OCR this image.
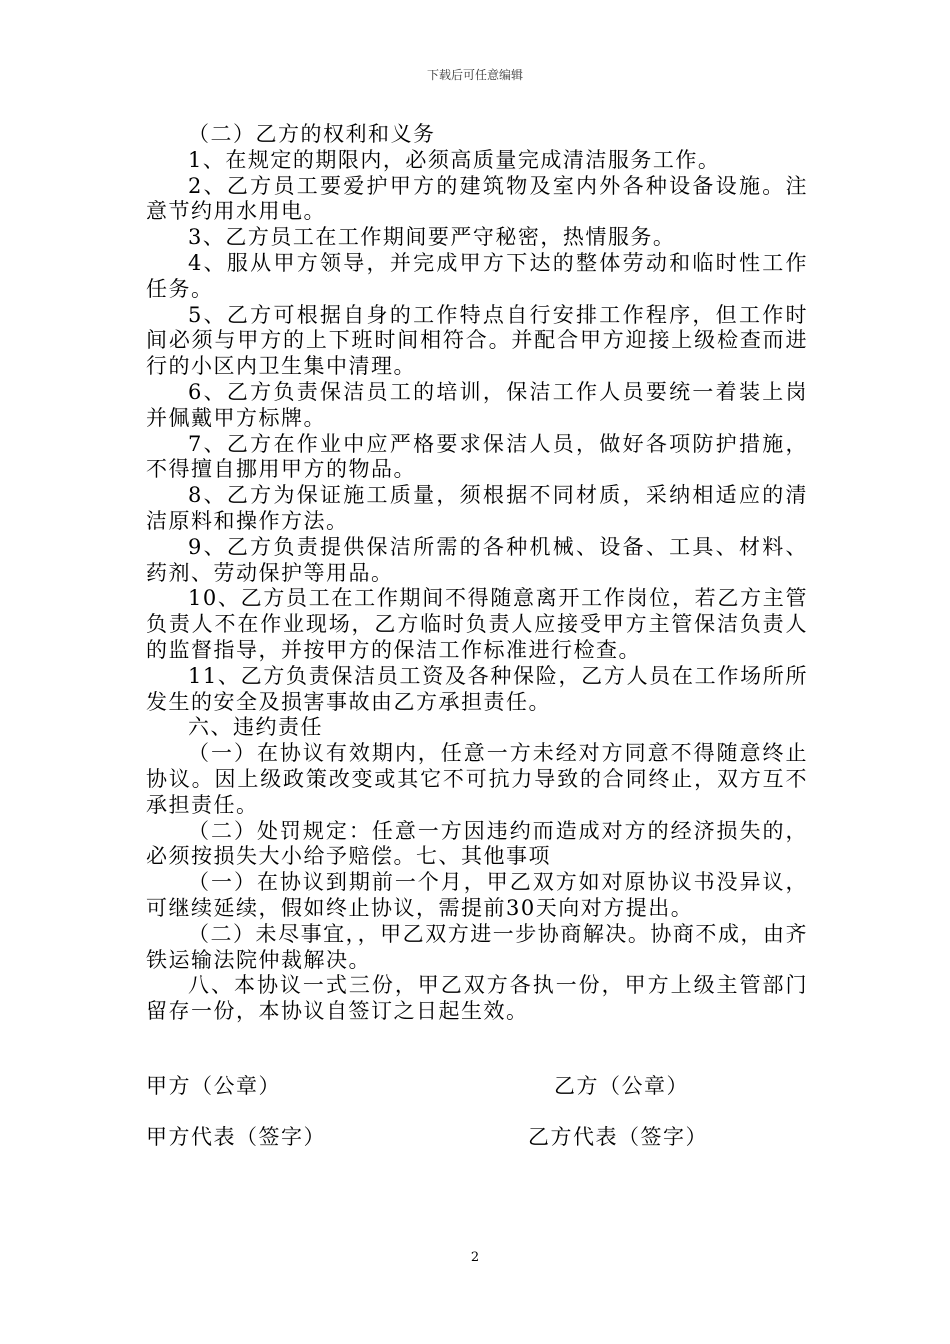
下载后可任意编辑

（二）乙方的权利和义务

1、在规定的期限内，必须高质量完成清洁服务工作。

2、乙方员工要爱护甲方的建筑物及室内外各种设备设施。注意节约用水用电。

3、乙方员工在工作期间要严守秘密，热情服务。

4、服从甲方领导，并完成甲方下达的整体劳动和临时性工作任务。

5、乙方可根据自身的工作特点自行安排工作程序，但工作时间必须与甲方的上下班时间相符合。并配合甲方迎接上级检查而进行的小区内卫生集中清理。

6、乙方负责保洁员工的培训，保洁工作人员要统一着装上岗并佩戴甲方标牌。

7、乙方在作业中应严格要求保洁人员，做好各项防护措施，不得擅自挪用甲方的物品。

8、乙方为保证施工质量，须根据不同材质，采纳相适应的清洁原料和操作方法。

9、乙方负责提供保洁所需的各种机械、设备、工具、材料、药剂、劳动保护等用品。

10、乙方员工在工作期间不得随意离开工作岗位，若乙方主管负责人不在作业现场，乙方临时负责人应接受甲方主管保洁负责人的监督指导，并按甲方的保洁工作标准进行检查。

11、乙方负责保洁员工资及各种保险，乙方人员在工作场所所发生的安全及损害事故由乙方承担责任。

六、违约责任

（一）在协议有效期内，任意一方未经对方同意不得随意终止协议。因上级政策改变或其它不可抗力导致的合同终止，双方互不承担责任。

（二）处罚规定：任意一方因违约而造成对方的经济损失的，必须按损失大小给予赔偿。七、其他事项

（一）在协议到期前一个月，甲乙双方如对原协议书没异议，可继续延续，假如终止协议，需提前30天向对方提出。

（二）未尽事宜，，甲乙双方进一步协商解决。协商不成，由齐铁运输法院仲裁解决。

八、本协议一式三份，甲乙双方各执一份，甲方上级主管部门留存一份，本协议自签订之日起生效。

甲方（公章）	乙方（公章）
甲方代表（签字）	乙方代表（签字）
2
